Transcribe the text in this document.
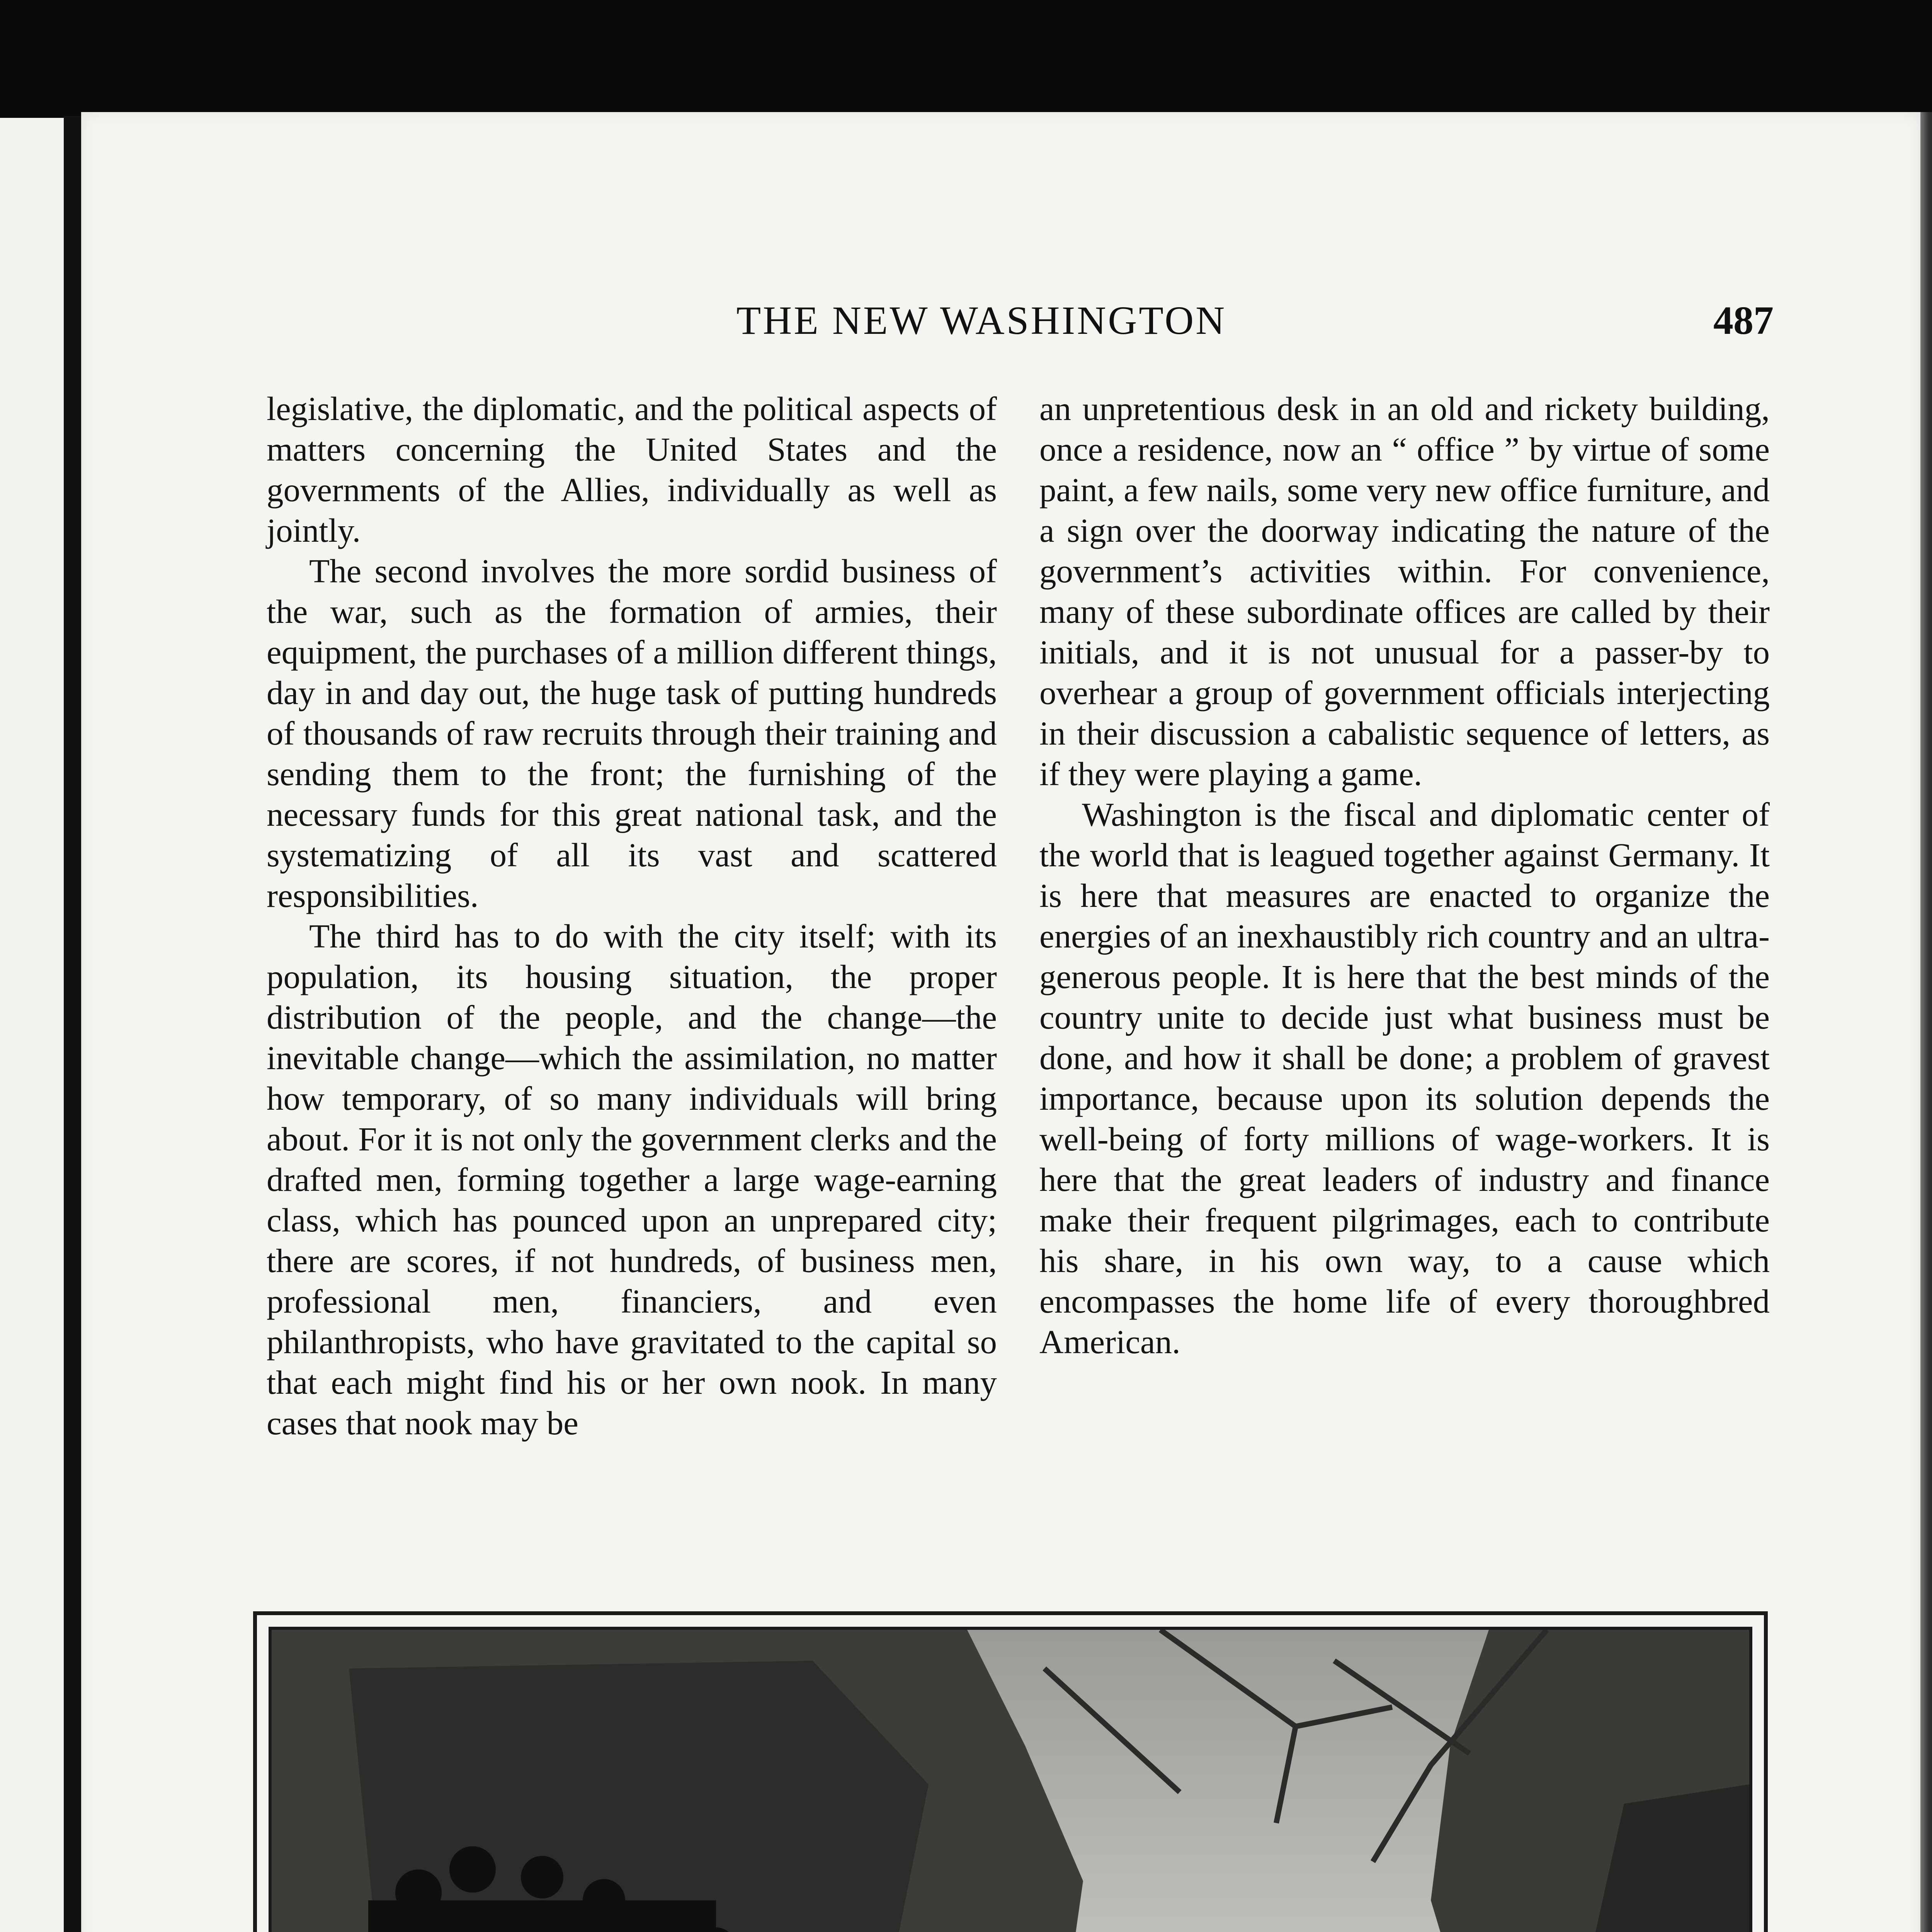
THE NEW WASHINGTON	487

legislative, the diplomatic, and the political aspects of matters concerning the United States and the governments of the Allies, individually as well as jointly.

The second involves the more sordid business of the war, such as the formation of armies, their equipment, the purchases of a million different things, day in and day out, the huge task of putting hundreds of thousands of raw recruits through their training and sending them to the front; the furnishing of the necessary funds for this great national task, and the systematizing of all its vast and scattered responsibilities.

The third has to do with the city itself; with its population, its housing situation, the proper distribution of the people, and the change—the inevitable change—which the assimilation, no matter how temporary, of so many individuals will bring about. For it is not only the government clerks and the drafted men, forming together a large wage-earning class, which has pounced upon an unprepared city; there are scores, if not hundreds, of business men, professional men, financiers, and even philanthropists, who have gravitated to the capital so that each might find his or her own nook. In many cases that nook may be

an unpretentious desk in an old and rickety building, once a residence, now an “ office ” by virtue of some paint, a few nails, some very new office furniture, and a sign over the doorway indicating the nature of the government’s activities within. For convenience, many of these subordinate offices are called by their initials, and it is not unusual for a passer-by to overhear a group of government officials interjecting in their discussion a cabalistic sequence of letters, as if they were playing a game.

Washington is the fiscal and diplomatic center of the world that is leagued together against Germany. It is here that measures are enacted to organize the energies of an inexhaustibly rich country and an ultra-generous people. It is here that the best minds of the country unite to decide just what business must be done, and how it shall be done; a problem of gravest importance, because upon its solution depends the well-being of forty millions of wage-workers. It is here that the great leaders of industry and finance make their frequent pilgrimages, each to contribute his share, in his own way, to a cause which encompasses the home life of every thoroughbred American.
